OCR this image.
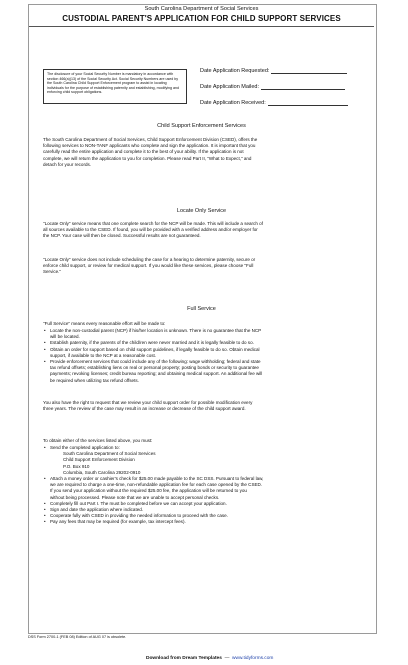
South Carolina Department of Social Services
CUSTODIAL PARENT'S APPLICATION FOR CHILD SUPPORT SERVICES
The disclosure of your Social Security Number is mandatory in accordance with section 466(a)(13) of the Social Security Act. Social Security Numbers are used by the South Carolina Child Support Enforcement program to assist in locating individuals for the purpose of establishing paternity and establishing, modifying and enforcing child support obligations.
Date Application Requested:
Date Application Mailed:
Date Application Received:
Child Support Enforcement Services
The South Carolina Department of Social Services, Child Support Enforcement Division (CSED), offers the
following services to NON-TANF applicants who complete and sign the application. It is important that you
carefully read the entire application and complete it to the best of your ability. If the application is not
complete, we will return the application to you for completion. Please read Part II, "What to Expect," and
detach for your records.
Locate Only Service
"Locate Only" service means that one complete search for the NCP will be made. This will include a search of
all sources available to the CSED. If found, you will be provided with a verified address and/or employer for
the NCP. Your case will then be closed. Successful results are not guaranteed.
"Locate Only" service does not include scheduling the case for a hearing to determine paternity, secure or
enforce child support, or review for medical support. If you would like these services, please choose "Full
Service."
Full Service
"Full Service" means every reasonable effort will be made to:
• Locate the non-custodial parent (NCP) if his/her location is unknown. There is no guarantee that the NCP
will be located.
• Establish paternity, if the parents of the child/ren were never married and it is legally feasible to do so.
• Obtain an order for support based on child support guidelines, if legally feasible to do so. Obtain medical
support, if available to the NCP at a reasonable cost.
• Provide enforcement services that could include any of the following: wage withholding; federal and state
tax refund offsets; establishing liens on real or personal property; posting bonds or security to guarantee
payments; revoking licenses; credit bureau reporting; and obtaining medical support. An additional fee will
be required when utilizing tax refund offsets.
You also have the right to request that we review your child support order for possible modification every
three years. The review of the case may result in an increase or decrease of the child support award.
To obtain either of the services listed above, you must:
• Send the completed application to:
South Carolina Department of Social Services
Child Support Enforcement Division
P.O. Box 910
Columbia, South Carolina 29202-0910
• Attach a money order or cashier's check for $25.00 made payable to the SC DSS. Pursuant to federal law,
we are required to charge a one-time, non-refundable application fee for each case opened by the CSED.
If you send your application without the required $25.00 fee, the application will be returned to you
without being processed. Please note that we are unable to accept personal checks.
• Completely fill out Part I. The must be completed before we can accept your application.
• Sign and date the application where indicated.
• Cooperate fully with CSED in providing the needed information to proceed with the case.
• Pay any fees that may be required (for example, tax intercept fees).
DSS Form 2700-1 (FEB 08) Edition of AUG 07 is obsolete.
Download from Dream Templates  —  www.tidyforms.com
